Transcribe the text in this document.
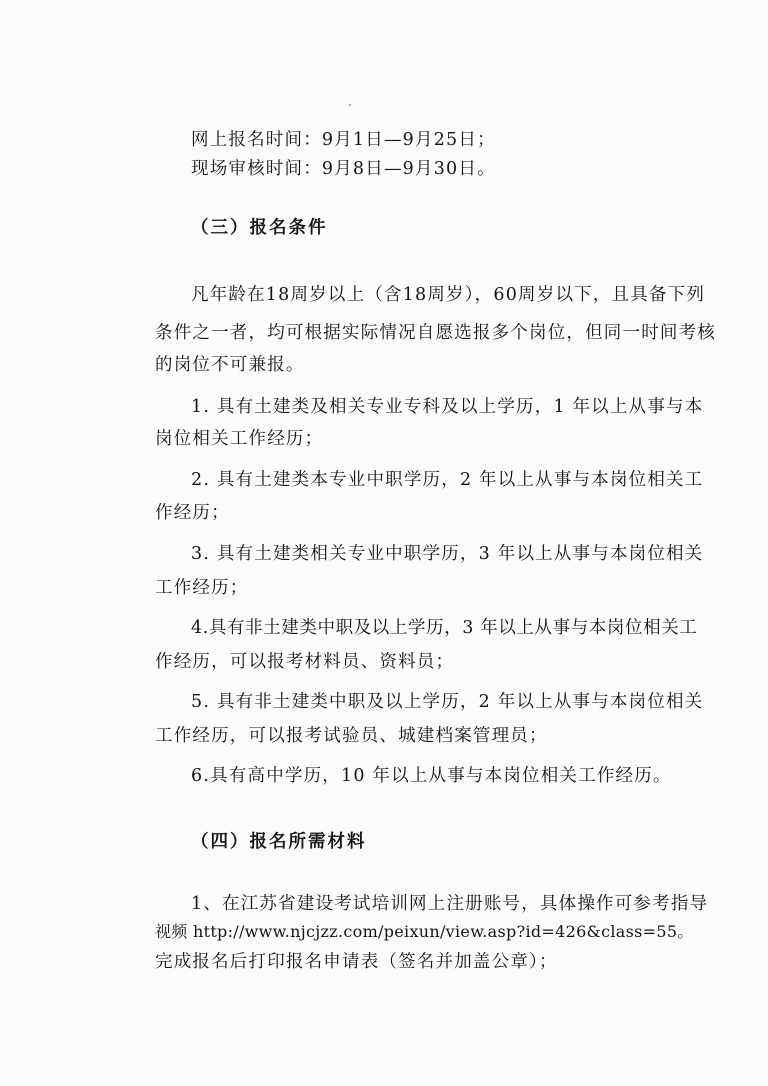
网上报名时间：9月1日—9月25日；
现场审核时间：9月8日—9月30日。
（三）报名条件
凡年龄在18周岁以上（含18周岁），60周岁以下，且具备下列
条件之一者，均可根据实际情况自愿选报多个岗位，但同一时间考核
的岗位不可兼报。
1. 具有土建类及相关专业专科及以上学历，1 年以上从事与本
岗位相关工作经历；
2. 具有土建类本专业中职学历，2 年以上从事与本岗位相关工
作经历；
3. 具有土建类相关专业中职学历，3 年以上从事与本岗位相关
工作经历；
4.具有非土建类中职及以上学历，3 年以上从事与本岗位相关工
作经历，可以报考材料员、资料员；
5. 具有非土建类中职及以上学历，2 年以上从事与本岗位相关
工作经历，可以报考试验员、城建档案管理员；
6.具有高中学历，10 年以上从事与本岗位相关工作经历。
（四）报名所需材料
1、在江苏省建设考试培训网上注册账号，具体操作可参考指导
视频 http://www.njcjzz.com/peixun/view.asp?id=426&class=55。
完成报名后打印报名申请表（签名并加盖公章）；
